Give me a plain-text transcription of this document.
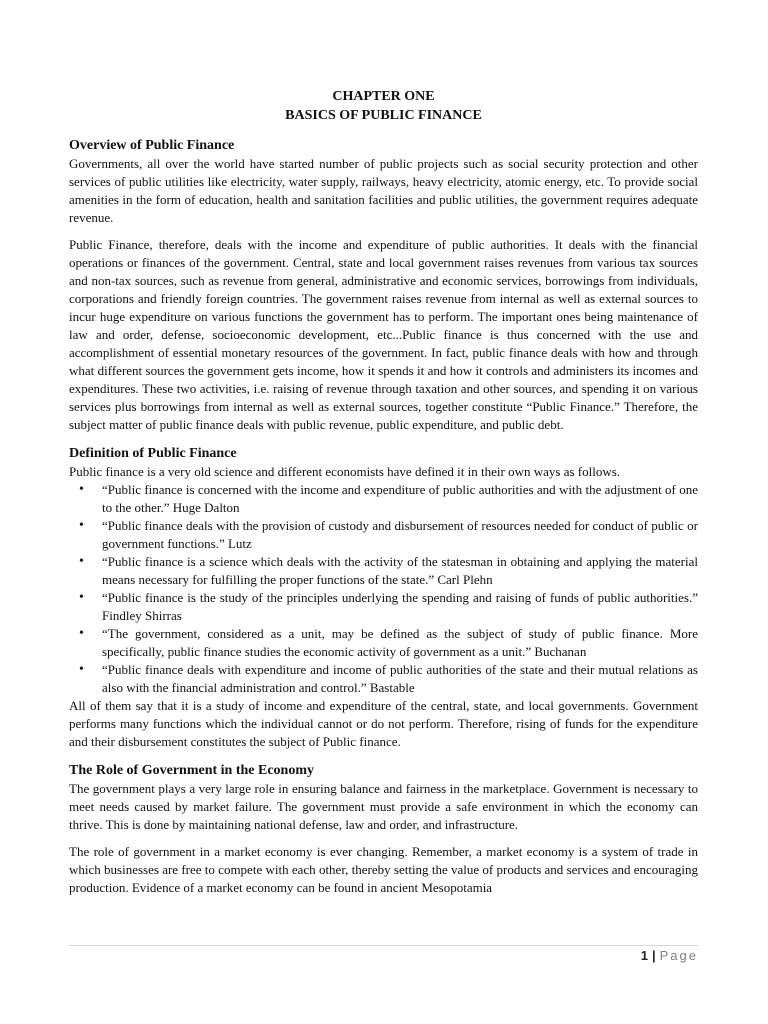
CHAPTER ONE
BASICS OF PUBLIC FINANCE
Overview of Public Finance

Governments, all over the world have started number of public projects such as social security protection and other services of public utilities like electricity, water supply, railways, heavy electricity, atomic energy, etc. To provide social amenities in the form of education, health and sanitation facilities and public utilities, the government requires adequate revenue.

Public Finance, therefore, deals with the income and expenditure of public authorities. It deals with the financial operations or finances of the government. Central, state and local government raises revenues from various tax sources and non-tax sources, such as revenue from general, administrative and economic services, borrowings from individuals, corporations and friendly foreign countries. The government raises revenue from internal as well as external sources to incur huge expenditure on various functions the government has to perform. The important ones being maintenance of law and order, defense, socioeconomic development, etc...Public finance is thus concerned with the use and accomplishment of essential monetary resources of the government. In fact, public finance deals with how and through what different sources the government gets income, how it spends it and how it controls and administers its incomes and expenditures. These two activities, i.e. raising of revenue through taxation and other sources, and spending it on various services plus borrowings from internal as well as external sources, together constitute “Public Finance.” Therefore, the subject matter of public finance deals with public revenue, public expenditure, and public debt.

Definition of Public Finance

Public finance is a very old science and different economists have defined it in their own ways as follows.

• “Public finance is concerned with the income and expenditure of public authorities and with the adjustment of one to the other.” Huge Dalton
• “Public finance deals with the provision of custody and disbursement of resources needed for conduct of public or government functions.” Lutz
• “Public finance is a science which deals with the activity of the statesman in obtaining and applying the material means necessary for fulfilling the proper functions of the state.” Carl Plehn
• “Public finance is the study of the principles underlying the spending and raising of funds of public authorities.” Findley Shirras
• “The government, considered as a unit, may be defined as the subject of study of public finance. More specifically, public finance studies the economic activity of government as a unit.” Buchanan
• “Public finance deals with expenditure and income of public authorities of the state and their mutual relations as also with the financial administration and control.” Bastable

All of them say that it is a study of income and expenditure of the central, state, and local governments. Government performs many functions which the individual cannot or do not perform. Therefore, rising of funds for the expenditure and their disbursement constitutes the subject of Public finance.

The Role of Government in the Economy

The government plays a very large role in ensuring balance and fairness in the marketplace. Government is necessary to meet needs caused by market failure. The government must provide a safe environment in which the economy can thrive. This is done by maintaining national defense, law and order, and infrastructure.

The role of government in a market economy is ever changing. Remember, a market economy is a system of trade in which businesses are free to compete with each other, thereby setting the value of products and services and encouraging production. Evidence of a market economy can be found in ancient Mesopotamia

1 | Page
